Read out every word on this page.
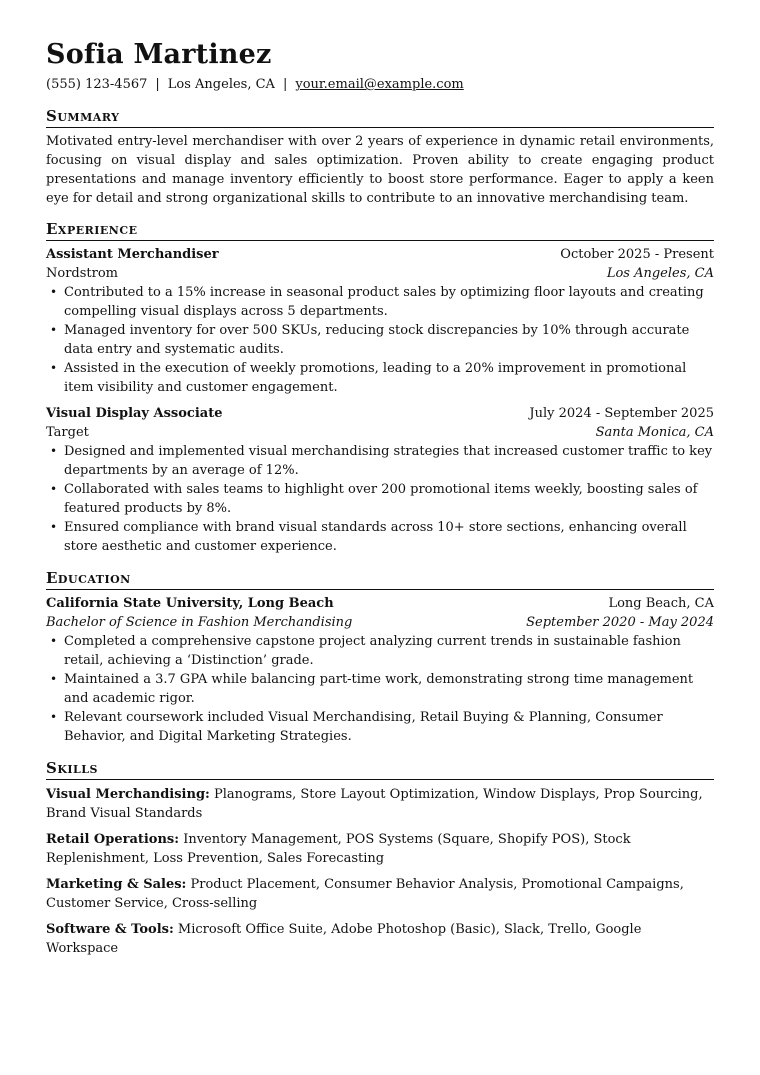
Sofia Martinez
(555) 123-4567 | Los Angeles, CA | your.email@example.com
Summary
Motivated entry-level merchandiser with over 2 years of experience in dynamic retail environments, focusing on visual display and sales optimization. Proven ability to create engaging product presentations and manage inventory efficiently to boost store performance. Eager to apply a keen eye for detail and strong organizational skills to contribute to an innovative merchandising team.
Experience
Assistant Merchandiser	October 2025 - Present
Nordstrom	Los Angeles, CA
• Contributed to a 15% increase in seasonal product sales by optimizing floor layouts and creating compelling visual displays across 5 departments.
• Managed inventory for over 500 SKUs, reducing stock discrepancies by 10% through accurate data entry and systematic audits.
• Assisted in the execution of weekly promotions, leading to a 20% improvement in promotional item visibility and customer engagement.
Visual Display Associate	July 2024 - September 2025
Target	Santa Monica, CA
• Designed and implemented visual merchandising strategies that increased customer traffic to key departments by an average of 12%.
• Collaborated with sales teams to highlight over 200 promotional items weekly, boosting sales of featured products by 8%.
• Ensured compliance with brand visual standards across 10+ store sections, enhancing overall store aesthetic and customer experience.
Education
California State University, Long Beach	Long Beach, CA
Bachelor of Science in Fashion Merchandising	September 2020 - May 2024
• Completed a comprehensive capstone project analyzing current trends in sustainable fashion retail, achieving a ‘Distinction’ grade.
• Maintained a 3.7 GPA while balancing part-time work, demonstrating strong time management and academic rigor.
• Relevant coursework included Visual Merchandising, Retail Buying & Planning, Consumer Behavior, and Digital Marketing Strategies.
Skills
Visual Merchandising: Planograms, Store Layout Optimization, Window Displays, Prop Sourcing, Brand Visual Standards
Retail Operations: Inventory Management, POS Systems (Square, Shopify POS), Stock Replenishment, Loss Prevention, Sales Forecasting
Marketing & Sales: Product Placement, Consumer Behavior Analysis, Promotional Campaigns, Customer Service, Cross-selling
Software & Tools: Microsoft Office Suite, Adobe Photoshop (Basic), Slack, Trello, Google Workspace
